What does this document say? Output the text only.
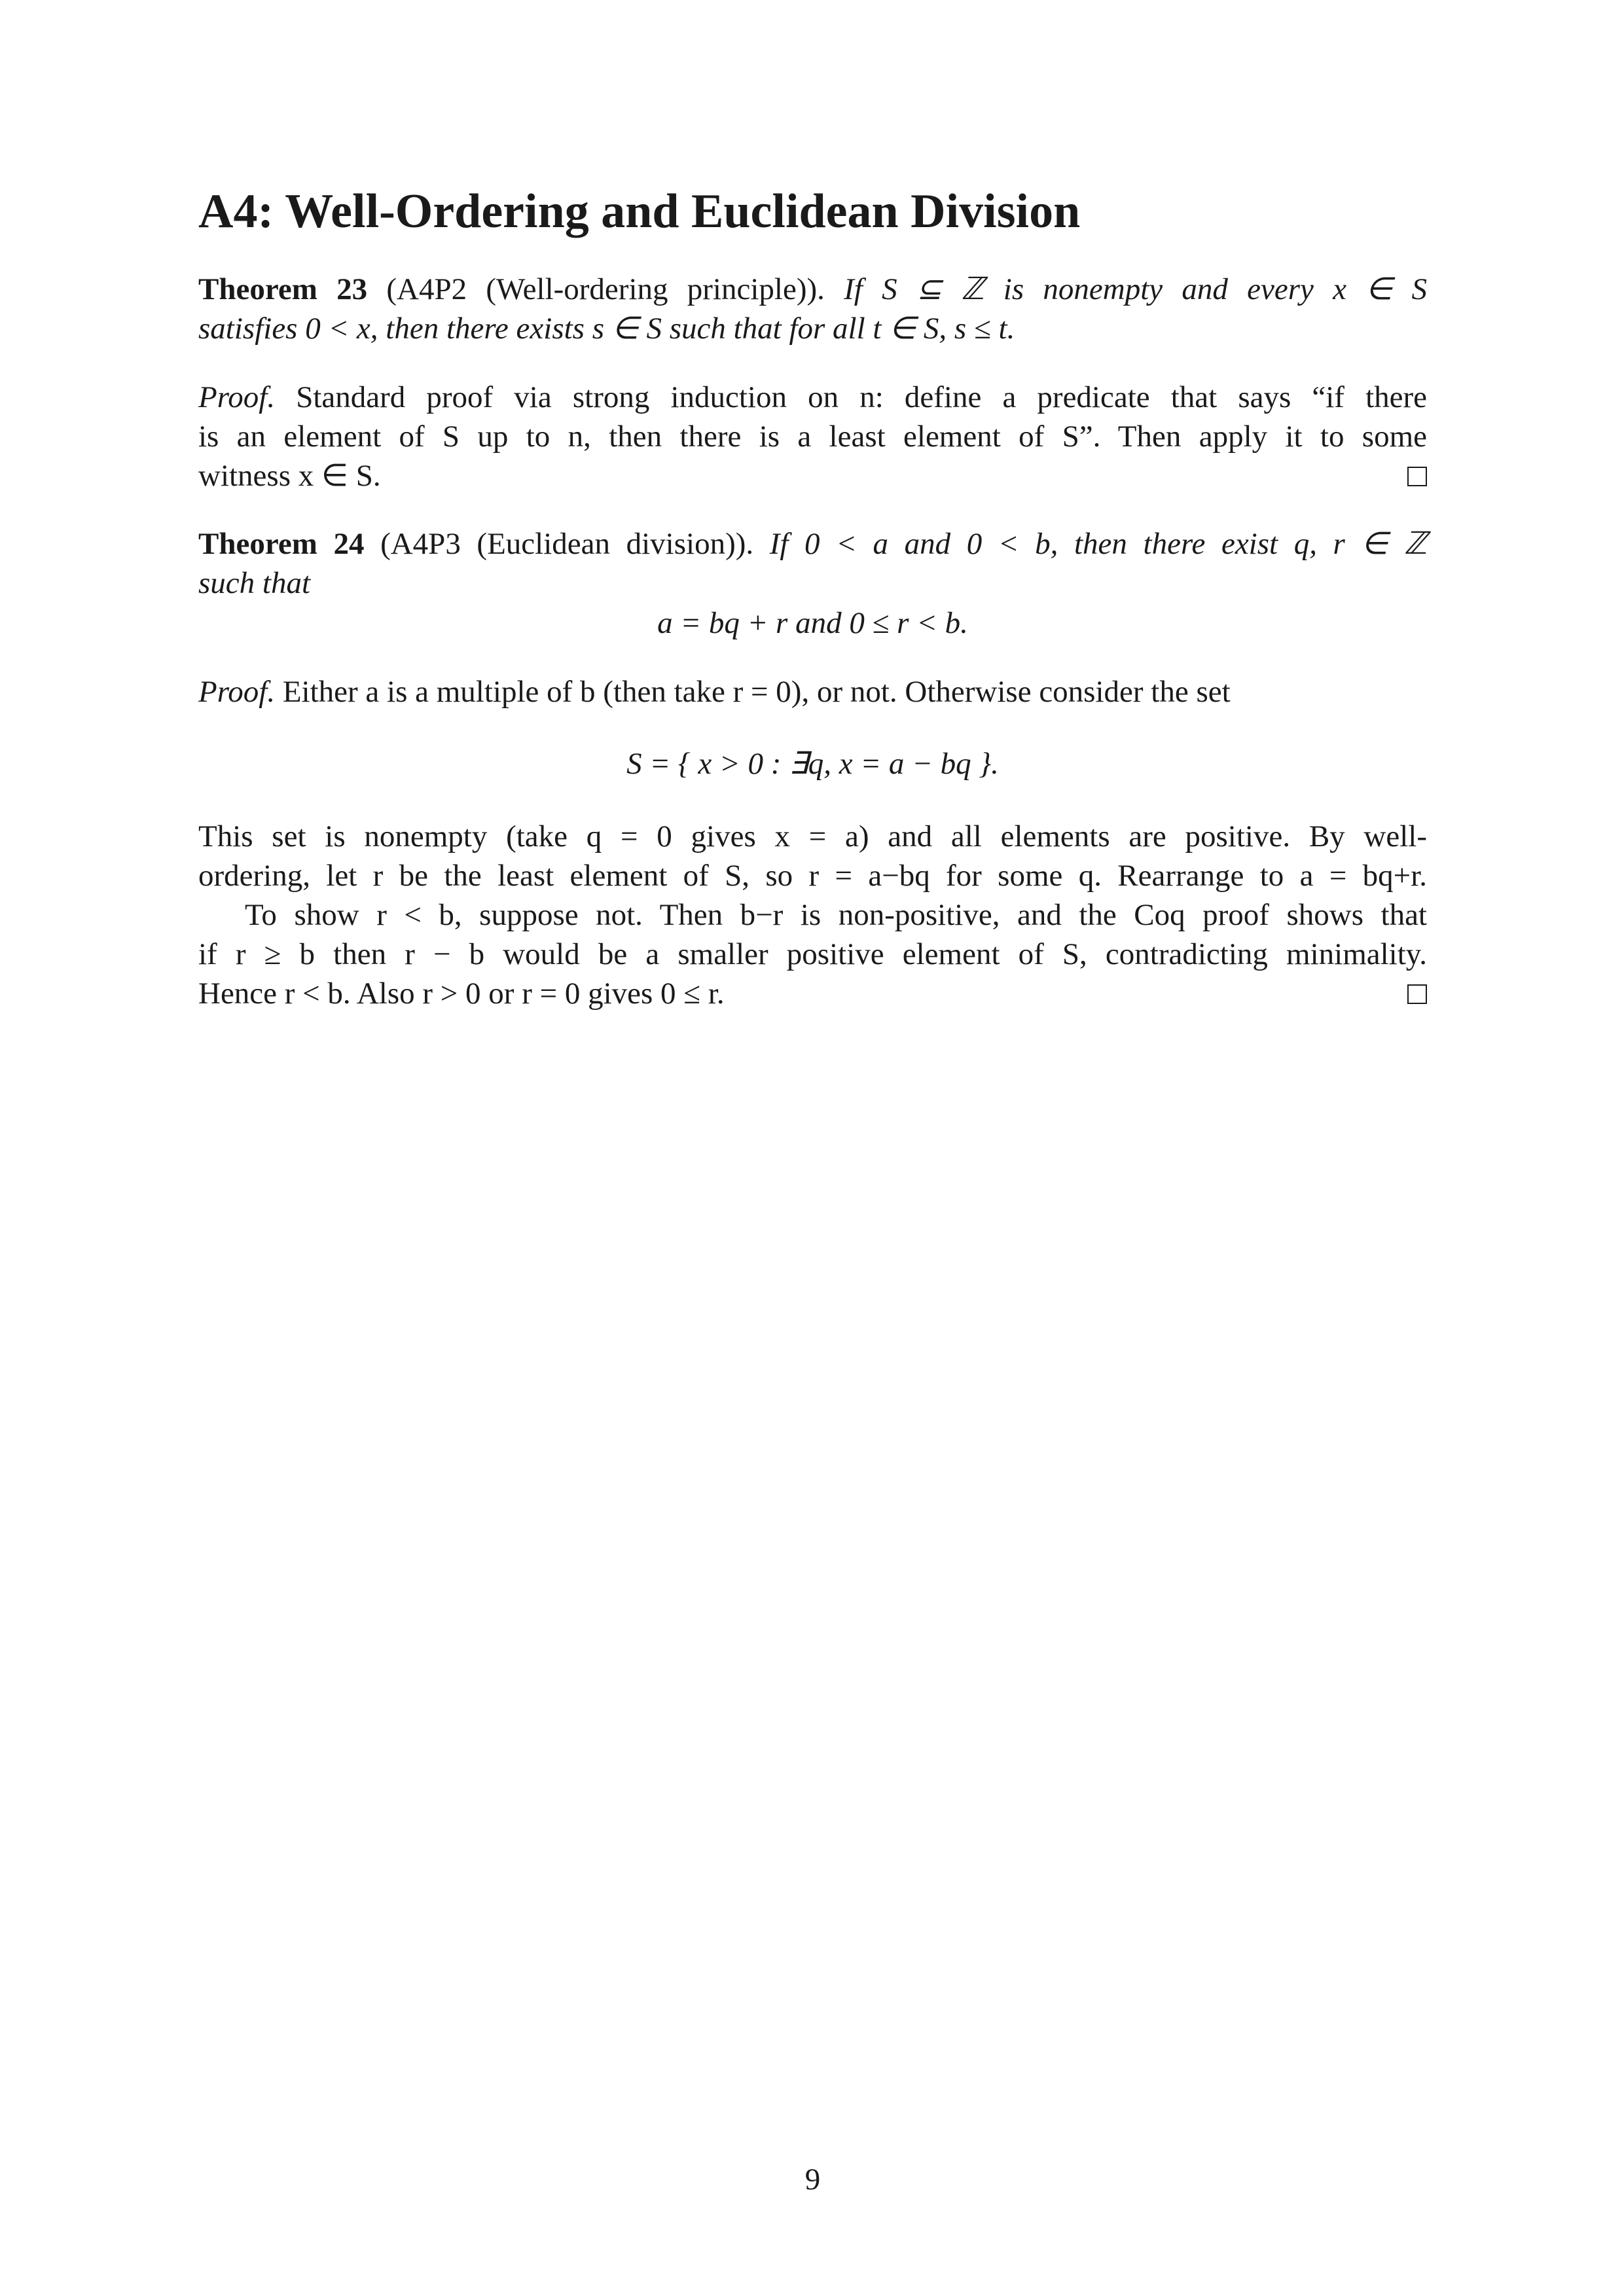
A4: Well-Ordering and Euclidean Division

Theorem 23 (A4P2 (Well-ordering principle)). If S ⊆ ℤ is nonempty and every x ∈ S

satisfies 0 < x, then there exists s ∈ S such that for all t ∈ S, s ≤ t.

Proof. Standard proof via strong induction on n: define a predicate that says “if there

is an element of S up to n, then there is a least element of S”. Then apply it to some

witness x ∈ S.

Theorem 24 (A4P3 (Euclidean division)). If 0 < a and 0 < b, then there exist q, r ∈ ℤ

such that

a = bq + r and 0 ≤ r < b.

Proof. Either a is a multiple of b (then take r = 0), or not. Otherwise consider the set

S = { x > 0 : ∃q, x = a − bq }.

This set is nonempty (take q = 0 gives x = a) and all elements are positive. By well-

ordering, let r be the least element of S, so r = a−bq for some q. Rearrange to a = bq+r.

To show r < b, suppose not. Then b−r is non-positive, and the Coq proof shows that

if r ≥ b then r − b would be a smaller positive element of S, contradicting minimality.

Hence r < b. Also r > 0 or r = 0 gives 0 ≤ r.

9
